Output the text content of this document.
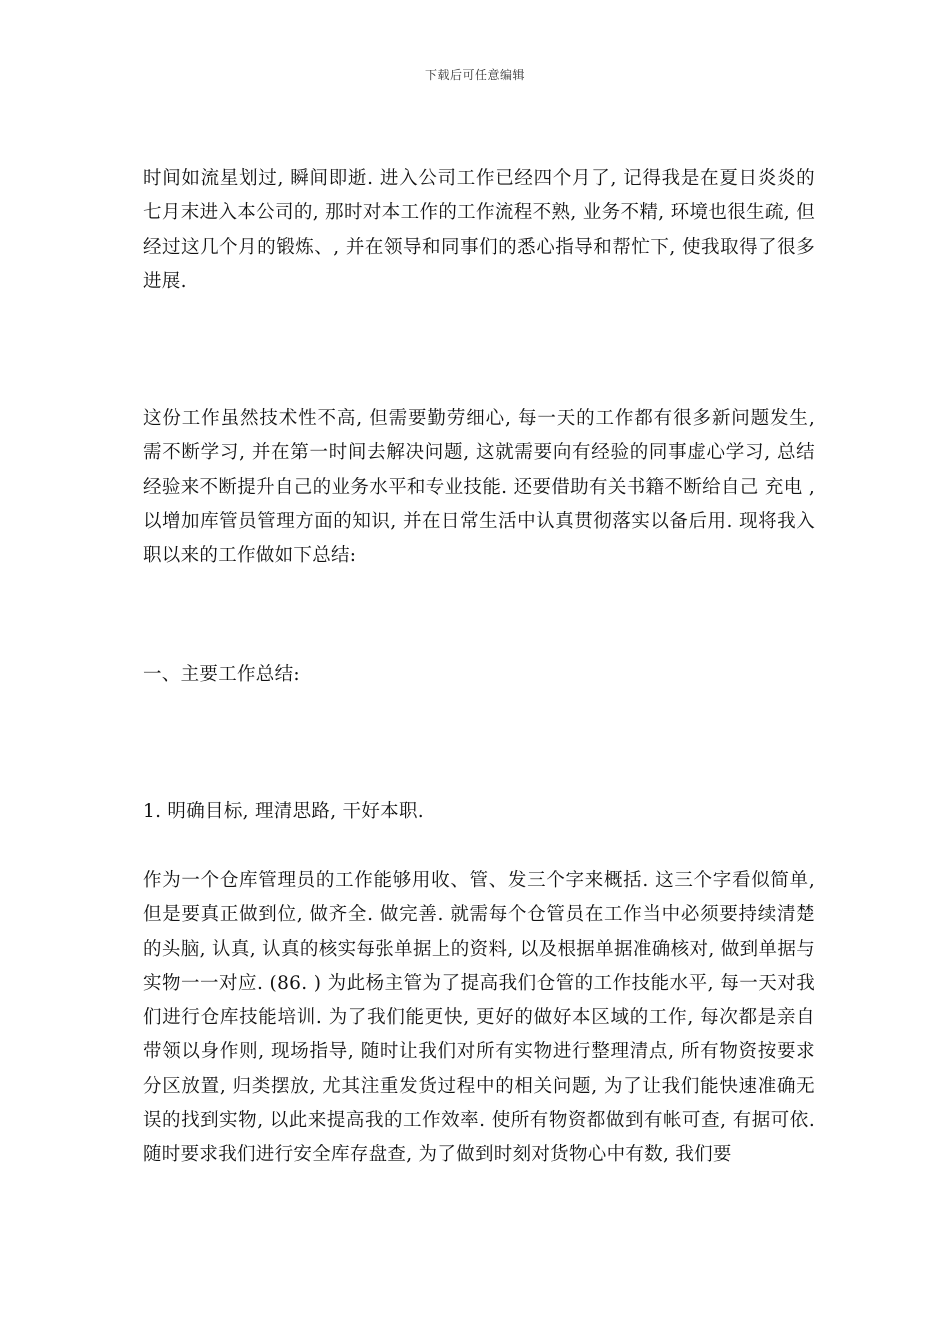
下载后可任意编辑

时间如流星划过, 瞬间即逝. 进入公司工作已经四个月了, 记得我是在夏日炎炎的七月末进入本公司的, 那时对本工作的工作流程不熟, 业务不精, 环境也很生疏, 但经过这几个月的锻炼、, 并在领导和同事们的悉心指导和帮忙下, 使我取得了很多进展.

这份工作虽然技术性不高, 但需要勤劳细心, 每一天的工作都有很多新问题发生, 需不断学习, 并在第一时间去解决问题, 这就需要向有经验的同事虚心学习, 总结经验来不断提升自己的业务水平和专业技能. 还要借助有关书籍不断给自己 充电 , 以增加库管员管理方面的知识, 并在日常生活中认真贯彻落实以备后用. 现将我入职以来的工作做如下总结:

一、主要工作总结:

1. 明确目标, 理清思路, 干好本职.

作为一个仓库管理员的工作能够用收、管、发三个字来概括. 这三个字看似简单, 但是要真正做到位, 做齐全. 做完善. 就需每个仓管员在工作当中必须要持续清楚的头脑, 认真, 认真的核实每张单据上的资料, 以及根据单据准确核对, 做到单据与实物一一对应. (86. ) 为此杨主管为了提高我们仓管的工作技能水平, 每一天对我们进行仓库技能培训. 为了我们能更快, 更好的做好本区域的工作, 每次都是亲自带领以身作则, 现场指导, 随时让我们对所有实物进行整理清点, 所有物资按要求分区放置, 归类摆放, 尤其注重发货过程中的相关问题, 为了让我们能快速准确无误的找到实物, 以此来提高我的工作效率. 使所有物资都做到有帐可查, 有据可依. 随时要求我们进行安全库存盘查, 为了做到时刻对货物心中有数, 我们要
